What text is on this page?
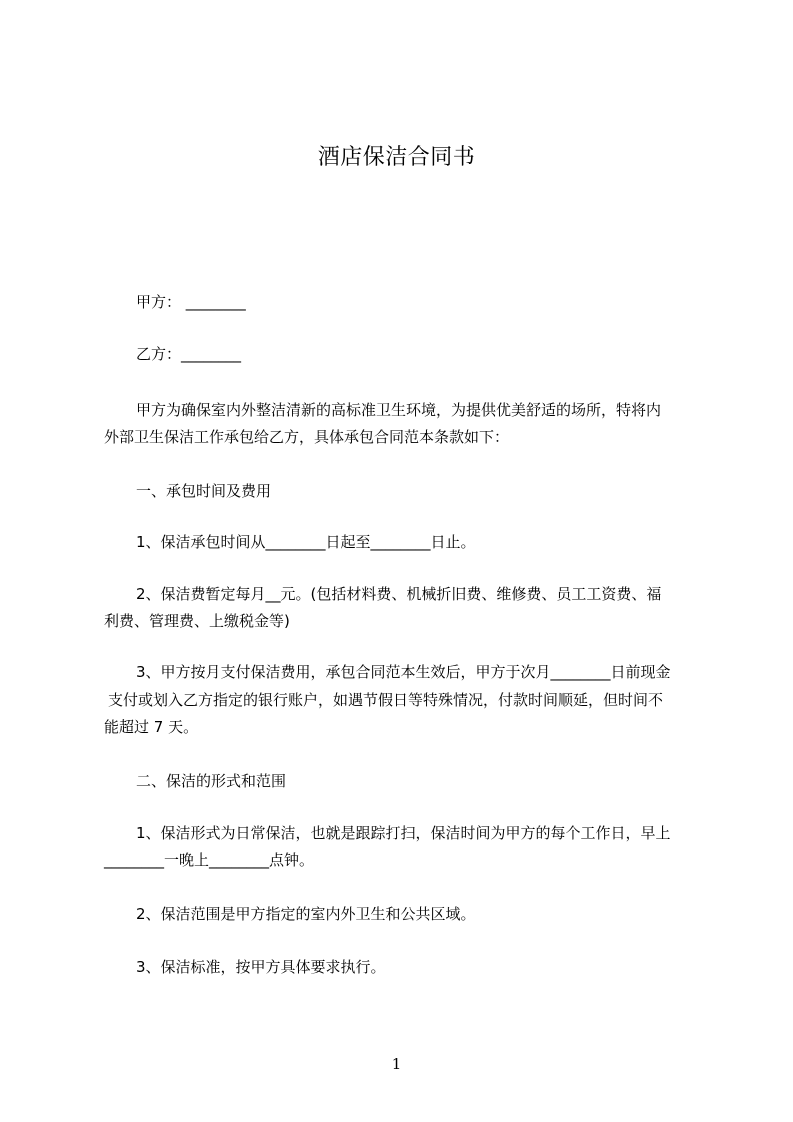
酒店保洁合同书
甲方： ________
乙方：________
甲方为确保室内外整洁清新的高标准卫生环境，为提供优美舒适的场所，特将内
外部卫生保洁工作承包给乙方，具体承包合同范本条款如下：
一、承包时间及费用
1、保洁承包时间从________日起至________日止。
2、保洁费暂定每月__元。(包括材料费、机械折旧费、维修费、员工工资费、福
利费、管理费、上缴税金等)
3、甲方按月支付保洁费用，承包合同范本生效后，甲方于次月________日前现金
支付或划入乙方指定的银行账户，如遇节假日等特殊情况，付款时间顺延，但时间不
能超过 7 天。
二、保洁的形式和范围
1、保洁形式为日常保洁，也就是跟踪打扫，保洁时间为甲方的每个工作日，早上
________一晚上________点钟。
2、保洁范围是甲方指定的室内外卫生和公共区域。
3、保洁标准，按甲方具体要求执行。
1
